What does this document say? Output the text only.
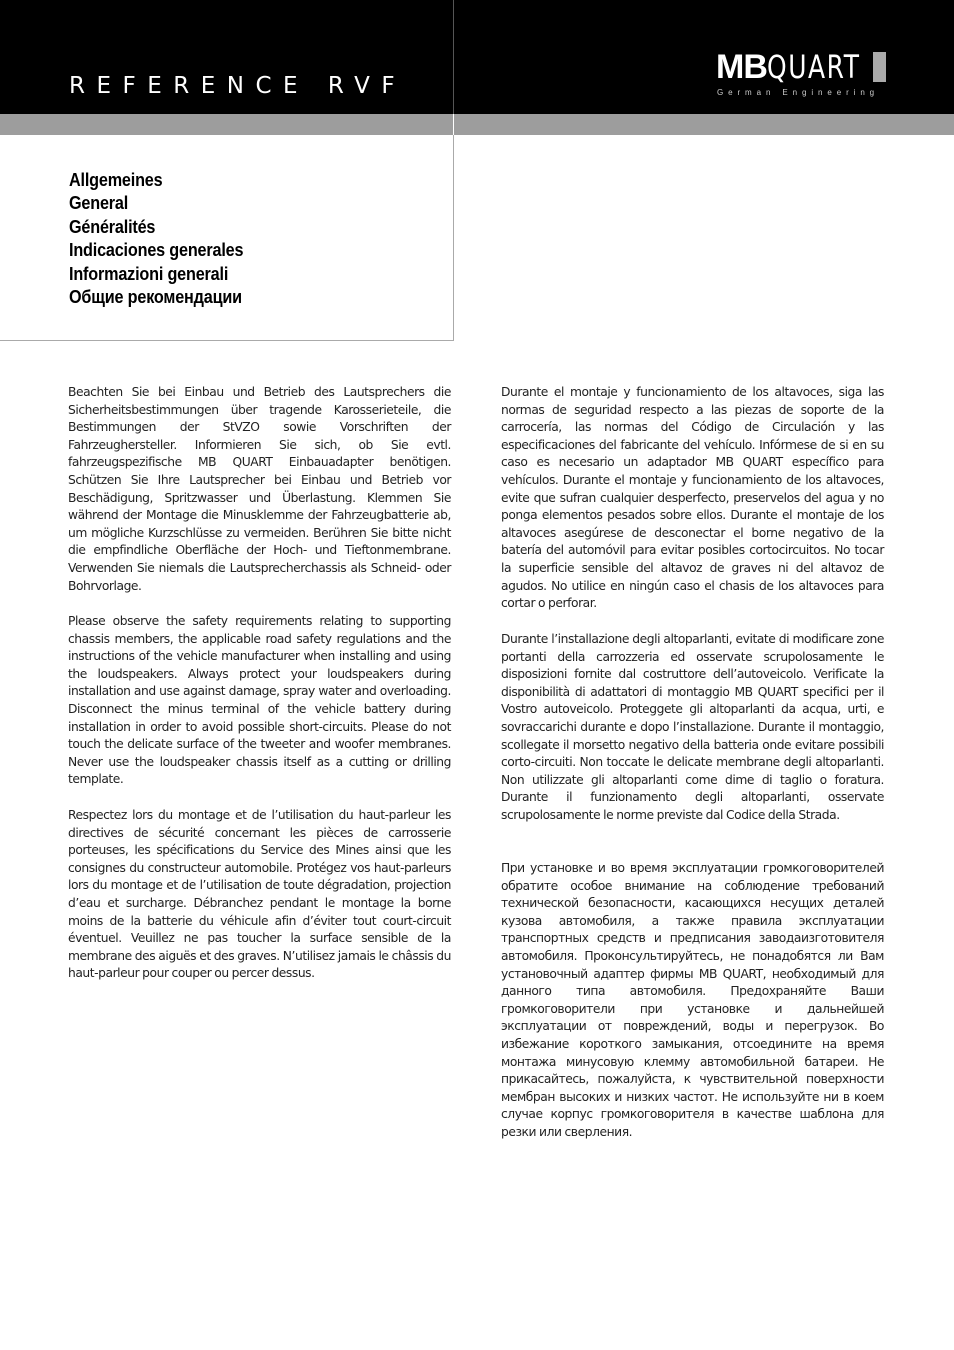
REFERENCE RVF	MBQUART
German Engineering
Allgemeines
General
Généralités
Indicaciones generales
Informazioni generali
Общие рекомендации

Beachten Sie bei Einbau und Betrieb des Lautsprechers die Sicherheitsbestimmungen über tragende Karosserieteile, die Bestimmungen der StVZO sowie Vorschriften der Fahrzeughersteller. Informieren Sie sich, ob Sie evtl. fahrzeugspezifische MB QUART Einbauadapter benötigen. Schützen Sie Ihre Lautsprecher bei Einbau und Betrieb vor Beschädigung, Spritzwasser und Überlastung. Klemmen Sie während der Montage die Minusklemme der Fahrzeugbatterie ab, um mögliche Kurzschlüsse zu vermeiden. Berühren Sie bitte nicht die empfindliche Oberfläche der Hoch- und Tieftonmembrane. Verwenden Sie niemals die Lautsprecherchassis als Schneid- oder Bohrvorlage.

Please observe the safety requirements relating to supporting chassis members, the applicable road safety regulations and the instructions of the vehicle manufacturer when installing and using the loudspeakers. Always protect your loudspeakers during installation and use against damage, spray water and overloading. Disconnect the minus terminal of the vehicle battery during installation in order to avoid possible short-circuits. Please do not touch the delicate surface of the tweeter and woofer membranes. Never use the loudspeaker chassis itself as a cutting or drilling template.

Respectez lors du montage et de l’utilisation du haut-parleur les directives de sécurité concernant les pièces de carrosserie porteuses, les spécifications du Service des Mines ainsi que les consignes du constructeur automobile. Protégez vos haut-parleurs lors du montage et de l’utilisation de toute dégradation, projection d’eau et surcharge. Débranchez pendant le montage la borne moins de la batterie du véhicule afin d’éviter tout court-circuit éventuel. Veuillez ne pas toucher la surface sensible de la membrane des aiguës et des graves. N’utilisez jamais le châssis du haut-parleur pour couper ou percer dessus.

Durante el montaje y funcionamiento de los altavoces, siga las normas de seguridad respecto a las piezas de soporte de la carrocería, las normas del Código de Circulación y las especificaciones del fabricante del vehículo. Infórmese de si en su caso es necesario un adaptador MB QUART específico para vehículos. Durante el montaje y funcionamiento de los altavoces, evite que sufran cualquier desperfecto, preservelos del agua y no ponga elementos pesados sobre ellos. Durante el montaje de los altavoces asegúrese de desconectar el borne negativo de la batería del automóvil para evitar posibles cortocircuitos. No tocar la superficie sensible del altavoz de graves ni del altavoz de agudos. No utilice en ningún caso el chasis de los altavoces para cortar o perforar.

Durante l’installazione degli altoparlanti, evitate di modificare zone portanti della carrozzeria ed osservate scrupolosamente le disposizioni fornite dal costruttore dell’autoveicolo. Verificate la disponibilità di adattatori di montaggio MB QUART specifici per il Vostro autoveicolo. Proteggete gli altoparlanti da acqua, urti, e sovraccarichi durante e dopo l’installazione. Durante il montaggio, scollegate il morsetto negativo della batteria onde evitare possibili corto-circuiti. Non toccate le delicate membrane degli altoparlanti. Non utilizzate gli altoparlanti come dime di taglio o foratura. Durante il funzionamento degli altoparlanti, osservate scrupolosamente le norme previste dal Codice della Strada.

При установке и во время эксплуатации громкоговорителей обратите особое внимание на соблюдение требований технической безопасности, касающихся несущих деталей кузова автомобиля, а также правила эксплуатации транспортных средств и предписания заводаизготовителя автомобиля. Проконсультируйтесь, не понадобятся ли Вам установочный адаптер фирмы MB QUART, необходимый для данного типа автомобиля. Предохраняйте Ваши громкоговорители при установке и дальнейшей эксплуатации от повреждений, воды и перегрузок. Во избежание короткого замыкания, отсоедините на время монтажа минусовую клемму автомобильной батареи. Не прикасайтесь, пожалуйста, к чувствительной поверхности мембран высоких и низких частот. Не используйте ни в коем случае корпус громкоговорителя в качестве шаблона для резки или сверления.
